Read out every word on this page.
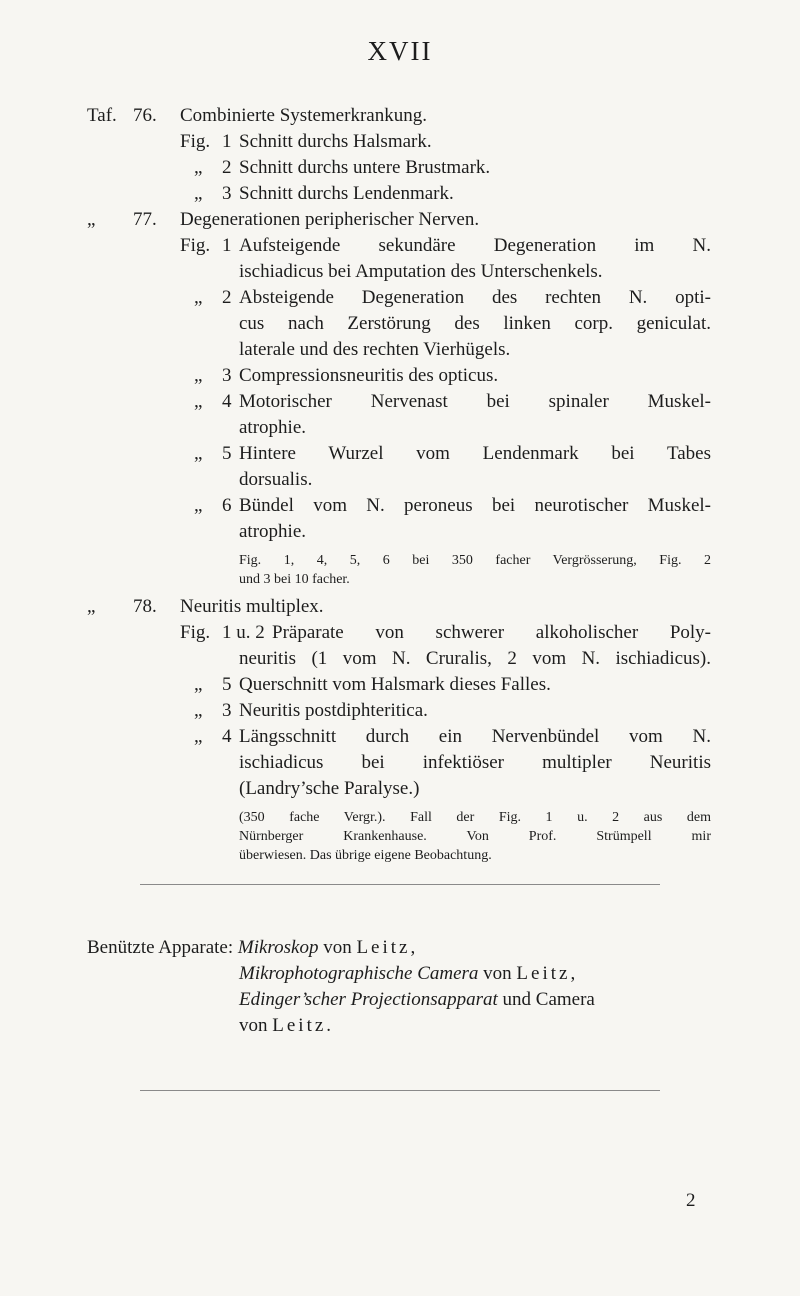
XVII
Taf. 76. Combinierte Systemerkrankung.
Fig. 1 Schnitt durchs Halsmark.
„ 2 Schnitt durchs untere Brustmark.
„ 3 Schnitt durchs Lendenmark.
„ 77. Degenerationen peripherischer Nerven.
Fig. 1 Aufsteigende sekundäre Degeneration im N.
ischiadicus bei Amputation des Unterschenkels.
„ 2 Absteigende Degeneration des rechten N. opti-
cus nach Zerstörung des linken corp. geniculat.
laterale und des rechten Vierhügels.
„ 3 Compressionsneuritis des opticus.
„ 4 Motorischer Nervenast bei spinaler Muskel-
atrophie.
„ 5 Hintere Wurzel vom Lendenmark bei Tabes
dorsualis.
„ 6 Bündel vom N. peroneus bei neurotischer Muskel-
atrophie.
Fig. 1, 4, 5, 6 bei 350 facher Vergrösserung, Fig. 2
und 3 bei 10 facher.
„ 78. Neuritis multiplex.
Fig. 1 u. 2 Präparate von schwerer alkoholischer Poly-
neuritis (1 vom N. Cruralis, 2 vom N. ischiadicus).
„ 5 Querschnitt vom Halsmark dieses Falles.
„ 3 Neuritis postdiphteritica.
„ 4 Längsschnitt durch ein Nervenbündel vom N.
ischiadicus bei infektiöser multipler Neuritis
(Landry’sche Paralyse.)
(350 fache Vergr.). Fall der Fig. 1 u. 2 aus dem
Nürnberger Krankenhause. Von Prof. Strümpell mir
überwiesen. Das übrige eigene Beobachtung.
Benützte Apparate: Mikroskop von Leitz,
Mikrophotographische Camera von Leitz,
Edinger’scher Projectionsapparat und Camera
von Leitz.
2
